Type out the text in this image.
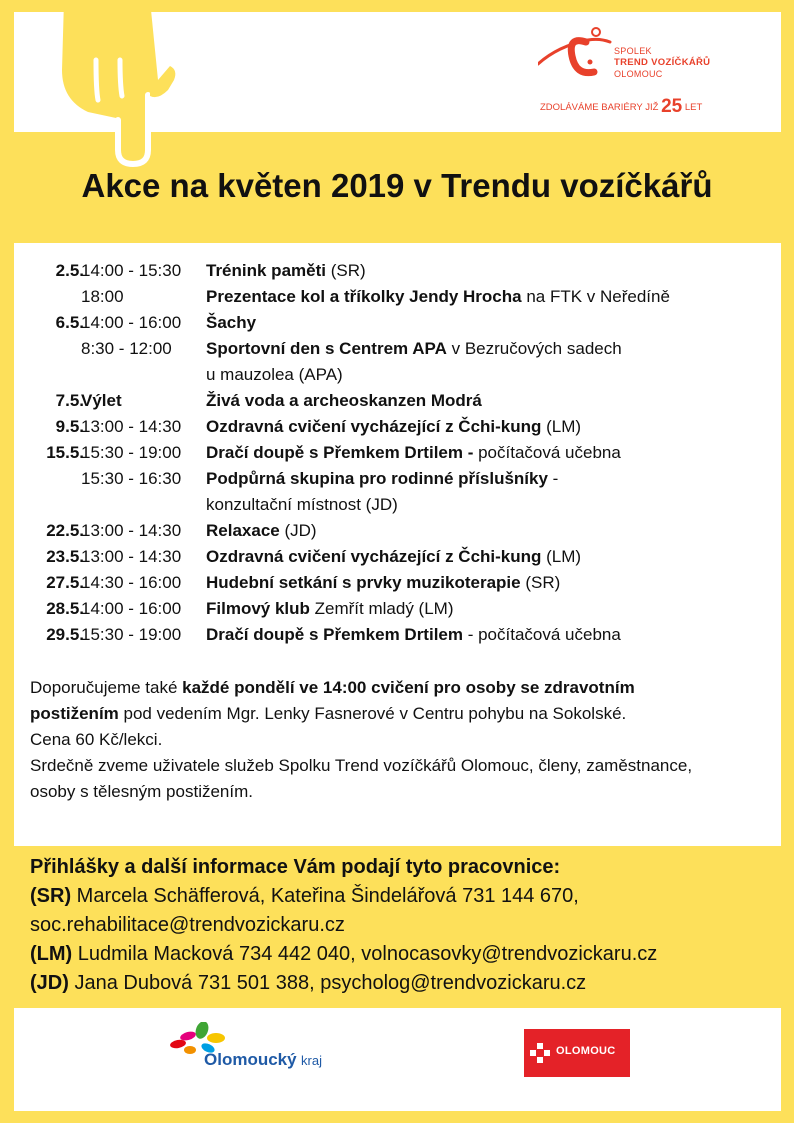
SPOLEK
TREND VOZÍČKÁŘŮ
OLOMOUC
ZDOLÁVÁME BARIÉRY JIŽ 25 LET
Akce na květen 2019 v Trendu vozíčkářů
2.5.
14:00 - 15:30 Trénink paměti (SR)
18:00	Prezentace kol a tříkolky Jendy Hrocha na FTK v Neředíně
6.5.
14:00 - 16:00 Šachy
8:30 - 12:00 Sportovní den s Centrem APA v Bezručových sadech
u mauzolea (APA)
7.5.
Výlet	Živá voda a archeoskanzen Modrá
9.5.
13:00 - 14:30 Ozdravná cvičení vycházející z Čchi-kung (LM)
15.5.
15:30 - 19:00 Dračí doupě s Přemkem Drtilem - počítačová učebna
15:30 - 16:30 Podpůrná skupina pro rodinné příslušníky -
konzultační místnost (JD)
22.5.
13:00 - 14:30 Relaxace (JD)
23.5.
13:00 - 14:30 Ozdravná cvičení vycházející z Čchi-kung (LM)
27.5.
14:30 - 16:00 Hudební setkání s prvky muzikoterapie (SR)
28.5.
14:00 - 16:00 Filmový klub Zemřít mladý (LM)
29.5.
15:30 - 19:00 Dračí doupě s Přemkem Drtilem - počítačová učebna
Doporučujeme také každé pondělí ve 14:00 cvičení pro osoby se zdravotním
postižením pod vedením Mgr. Lenky Fasnerové v Centru pohybu na Sokolské.
Cena 60 Kč/lekci.
Srdečně zveme uživatele služeb Spolku Trend vozíčkářů Olomouc, členy, zaměstnance,
osoby s tělesným postižením.
Přihlášky a další informace Vám podají tyto pracovnice:
(SR) Marcela Schäfferová, Kateřina Šindelářová 731 144 670,
soc.rehabilitace@trendvozickaru.cz
(LM) Ludmila Macková 734 442 040, volnocasovky@trendvozickaru.cz
(JD) Jana Dubová 731 501 388, psycholog@trendvozickaru.cz
Olomoucký kraj
OLOMOUC
